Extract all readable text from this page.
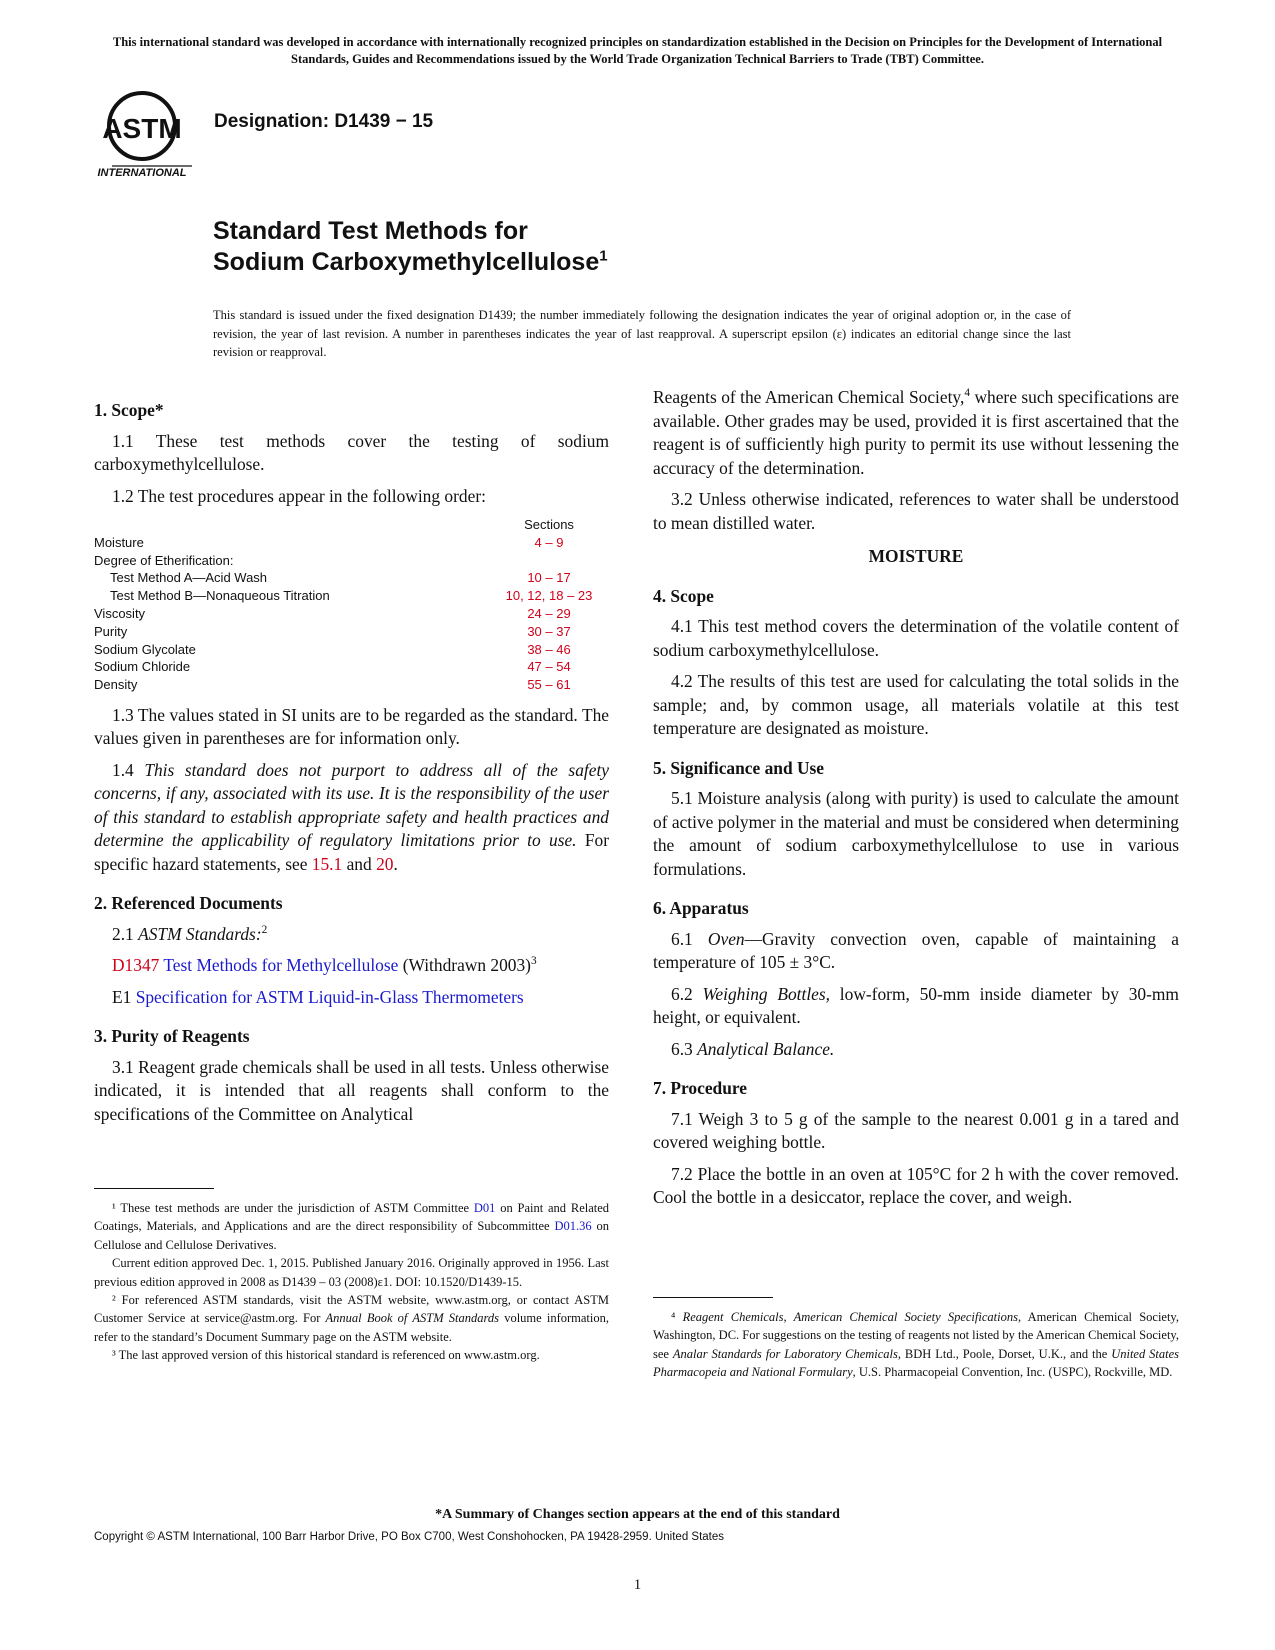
This international standard was developed in accordance with internationally recognized principles on standardization established in the Decision on Principles for the Development of International Standards, Guides and Recommendations issued by the World Trade Organization Technical Barriers to Trade (TBT) Committee.
ASTM
INTERNATIONAL
Designation: D1439 − 15
Standard Test Methods for
Sodium Carboxymethylcellulose$^1$
This standard is issued under the fixed designation D1439; the number immediately following the designation indicates the year of original adoption or, in the case of revision, the year of last revision. A number in parentheses indicates the year of last reapproval. A superscript epsilon (ε) indicates an editorial change since the last revision or reapproval.
1. Scope*

1.1 These test methods cover the testing of sodium carboxymethylcellulose.

1.2 The test procedures appear in the following order:

	Sections
Moisture	4 – 9
Degree of Etherification:	
Test Method A—Acid Wash	10 – 17
Test Method B—Nonaqueous Titration	10, 12, 18 – 23
Viscosity	24 – 29
Purity	30 – 37
Sodium Glycolate	38 – 46
Sodium Chloride	47 – 54
Density	55 – 61

1.3 The values stated in SI units are to be regarded as the standard. The values given in parentheses are for information only.

1.4 This standard does not purport to address all of the safety concerns, if any, associated with its use. It is the responsibility of the user of this standard to establish appropriate safety and health practices and determine the applicability of regulatory limitations prior to use. For specific hazard statements, see 15.1 and 20.

2. Referenced Documents

2.1 ASTM Standards:$^2$

D1347 Test Methods for Methylcellulose (Withdrawn 2003)$^3$

E1 Specification for ASTM Liquid-in-Glass Thermometers

3. Purity of Reagents

3.1 Reagent grade chemicals shall be used in all tests. Unless otherwise indicated, it is intended that all reagents shall conform to the specifications of the Committee on Analytical

Reagents of the American Chemical Society,$^4$ where such specifications are available. Other grades may be used, provided it is first ascertained that the reagent is of sufficiently high purity to permit its use without lessening the accuracy of the determination.

3.2 Unless otherwise indicated, references to water shall be understood to mean distilled water.

MOISTURE

4. Scope

4.1 This test method covers the determination of the volatile content of sodium carboxymethylcellulose.

4.2 The results of this test are used for calculating the total solids in the sample; and, by common usage, all materials volatile at this test temperature are designated as moisture.

5. Significance and Use

5.1 Moisture analysis (along with purity) is used to calculate the amount of active polymer in the material and must be considered when determining the amount of sodium carboxymethylcellulose to use in various formulations.

6. Apparatus

6.1 Oven—Gravity convection oven, capable of maintaining a temperature of 105 ± 3°C.

6.2 Weighing Bottles, low-form, 50-mm inside diameter by 30-mm height, or equivalent.

6.3 Analytical Balance.

7. Procedure

7.1 Weigh 3 to 5 g of the sample to the nearest 0.001 g in a tared and covered weighing bottle.

7.2 Place the bottle in an oven at 105°C for 2 h with the cover removed. Cool the bottle in a desiccator, replace the cover, and weigh.

¹ These test methods are under the jurisdiction of ASTM Committee D01 on Paint and Related Coatings, Materials, and Applications and are the direct responsibility of Subcommittee D01.36 on Cellulose and Cellulose Derivatives.

Current edition approved Dec. 1, 2015. Published January 2016. Originally approved in 1956. Last previous edition approved in 2008 as D1439 – 03 (2008)ε1. DOI: 10.1520/D1439-15.

² For referenced ASTM standards, visit the ASTM website, www.astm.org, or contact ASTM Customer Service at service@astm.org. For Annual Book of ASTM Standards volume information, refer to the standard’s Document Summary page on the ASTM website.

³ The last approved version of this historical standard is referenced on www.astm.org.

⁴ Reagent Chemicals, American Chemical Society Specifications, American Chemical Society, Washington, DC. For suggestions on the testing of reagents not listed by the American Chemical Society, see Analar Standards for Laboratory Chemicals, BDH Ltd., Poole, Dorset, U.K., and the United States Pharmacopeia and National Formulary, U.S. Pharmacopeial Convention, Inc. (USPC), Rockville, MD.

*A Summary of Changes section appears at the end of this standard
Copyright © ASTM International, 100 Barr Harbor Drive, PO Box C700, West Conshohocken, PA 19428-2959. United States
1
